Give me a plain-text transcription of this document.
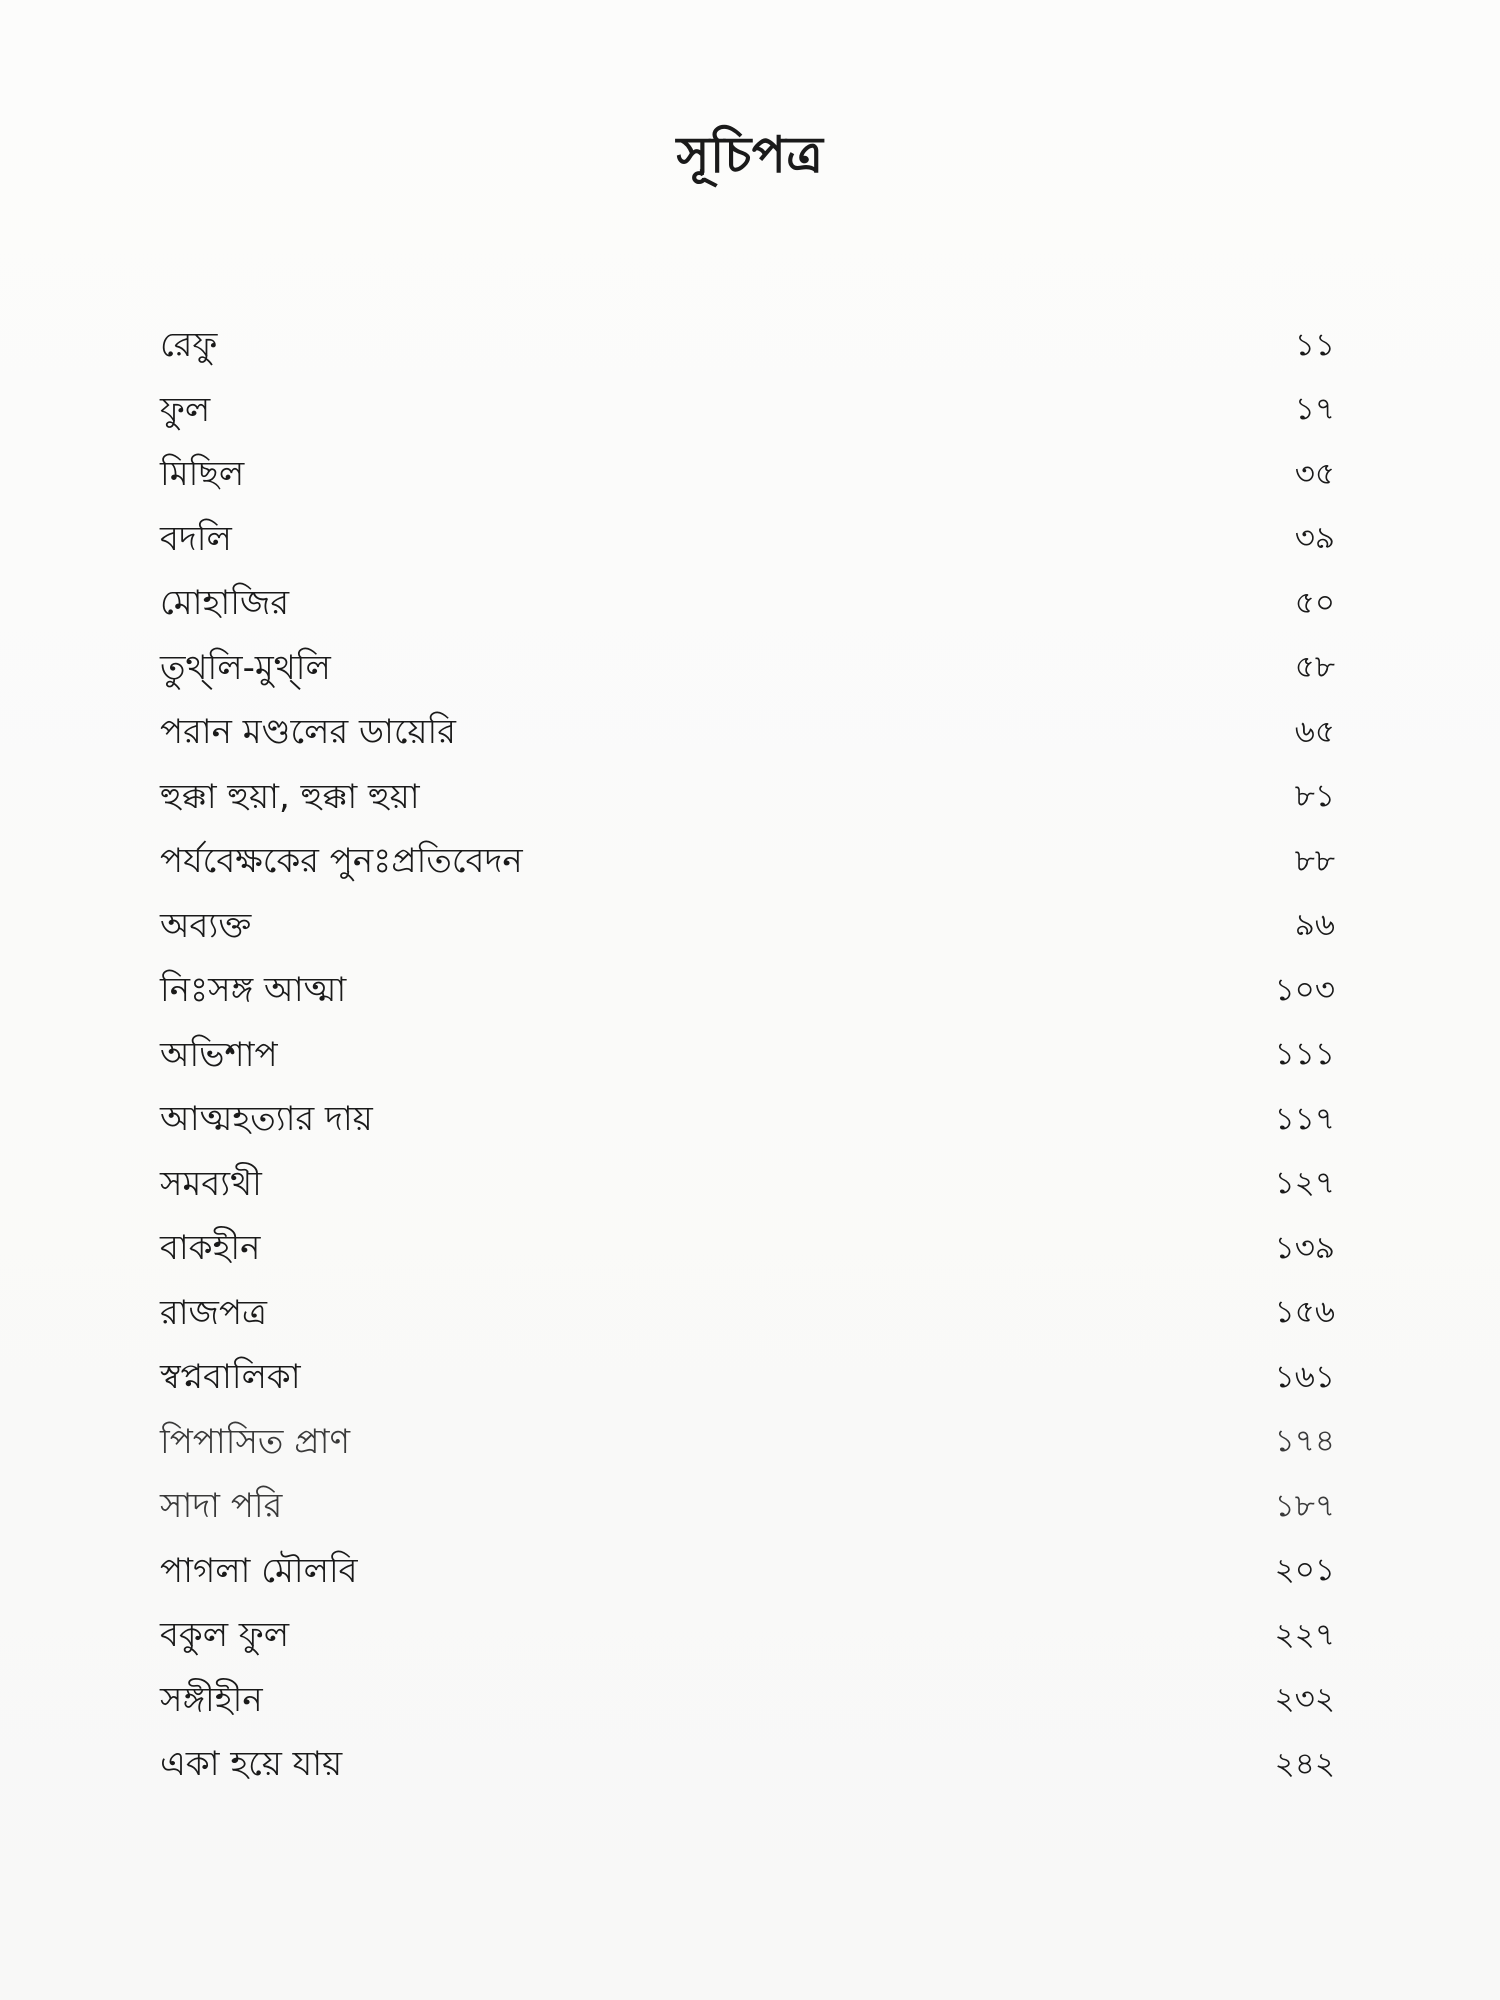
সূচিপত্র
রেফু	১১
ফুল	১৭
মিছিল	৩৫
বদলি	৩৯
মোহাজির	৫০
তুথ্‌লি-মুথ্‌লি	৫৮
পরান মণ্ডলের ডায়েরি	৬৫
হুক্কা হুয়া, হুক্কা হুয়া	৮১
পর্যবেক্ষকের পুনঃপ্রতিবেদন	৮৮
অব্যক্ত	৯৬
নিঃসঙ্গ আত্মা	১০৩
অভিশাপ	১১১
আত্মহত্যার দায়	১১৭
সমব্যথী	১২৭
বাকহীন	১৩৯
রাজপত্র	১৫৬
স্বপ্নবালিকা	১৬১
পিপাসিত প্রাণ	১৭৪
সাদা পরি	১৮৭
পাগলা মৌলবি	২০১
বকুল ফুল	২২৭
সঙ্গীহীন	২৩২
একা হয়ে যায়	২৪২
